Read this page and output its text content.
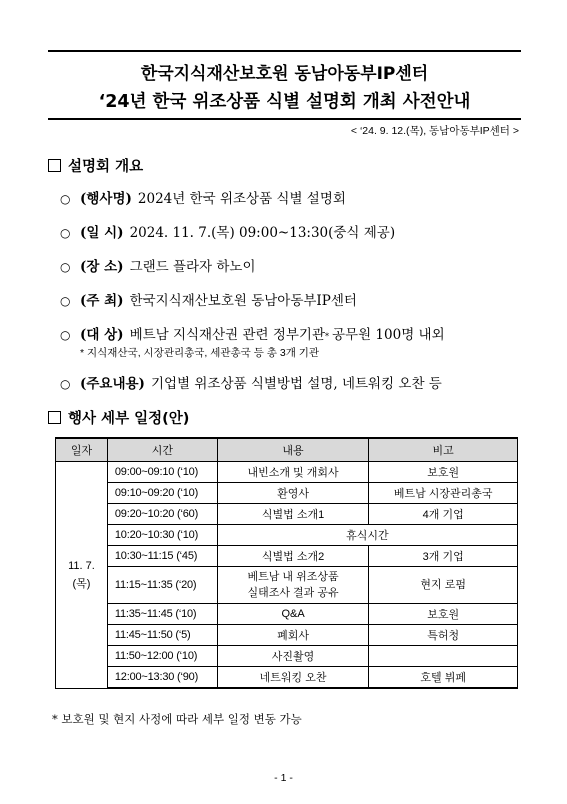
한국지식재산보호원 동남아동부IP센터
‘24년 한국 위조상품 식별 설명회 개최 사전안내
< ‘24. 9. 12.(목), 동남아동부IP센터 >
설명회 개요
○ (행사명) 2024년 한국 위조상품 식별 설명회
○ (일 시) 2024. 11. 7.(목) 09:00~13:30(중식 제공)
○ (장 소) 그랜드 플라자 하노이
○ (주 최) 한국지식재산보호원 동남아동부IP센터
○ (대 상) 베트남 지식재산권 관련 정부기관 * 공무원 100명 내외
* 지식재산국, 시장관리총국, 세관총국 등 총 3개 기관
○ (주요내용) 기업별 위조상품 식별방법 설명, 네트워킹 오찬 등
행사 세부 일정(안)
일자	시간	내용	비고
11. 7.
(목)	09:00~09:10 (‘10)	내빈소개 및 개회사	보호원
	09:10~09:20 (‘10)	환영사	베트남 시장관리총국
	09:20~10:20 (‘60)	식별법 소개1	4개 기업
	10:20~10:30 (‘10)	휴식시간	
	10:30~11:15 (‘45)	식별법 소개2	3개 기업
	11:15~11:35 (‘20)	베트남 내 위조상품
실태조사 결과 공유	현지 로펌
	11:35~11:45 (‘10)	Q&A	보호원
	11:45~11:50 (‘5)	폐회사	특허청
	11:50~12:00 (‘10)	사진촬영	
	12:00~13:30 (‘90)	네트워킹 오찬	호텔 뷔페
* 보호원 및 현지 사정에 따라 세부 일정 변동 가능
- 1 -
